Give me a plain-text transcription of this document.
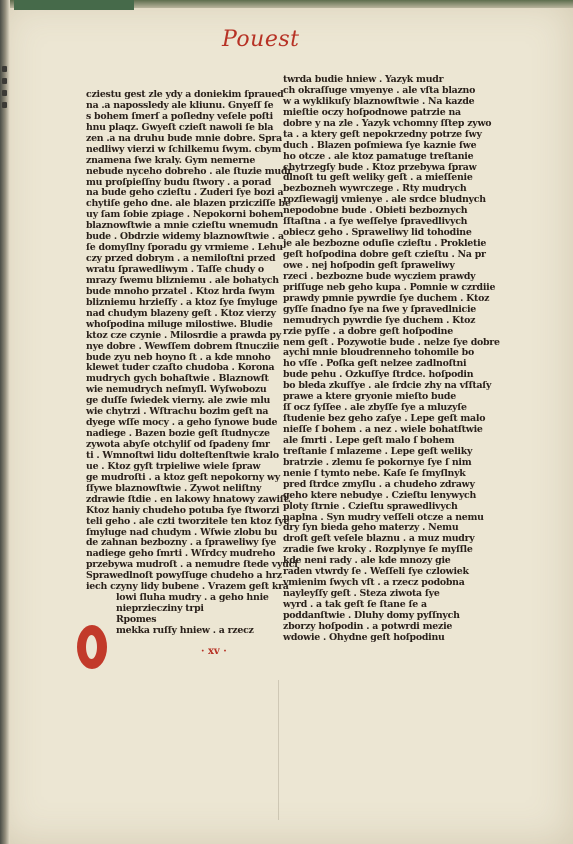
Pouest
cziestu gest zle ydy a doniekim ſpraued
na .a napossledy ale kliunu. Gnyeſſ ſe
s bohem ſmerſ a poſledny veſele poſti
hnu plaqz. Gwyeſt czieſt nawoli ſe bla
zen .a na druhu bude mnie dobre. Spra
nedliwy vierzi w ſchilkemu ſwym. cbym
znamena ſwe kraly. Gym nemerne
nebude nyceho dobreho . ale ſtuzie mudr
mu proſpieſſny budu ſtwory . a porad
na bude geho czieſtu . Zuderi ſye bozi a
chytiſe geho dne. ale blazen przicziſſe be
uy ſam ſobie zpiage . Nepokorni bohem
blaznowſtwie a mnie czieſtu wnemudn
bude . Obdrzie widemy blaznowſtwie . a
ſe domyſlny ſporadu gy vrmieme . Lehu
czy przed dobrym . a nemiloſtni przed
wratu ſprawedliwym . Taſſe chudy o
mrazy ſwemu blizniemu . ale bohatych
bude mnoho przatel . Ktoz hrda ſwym
blizniemu hrzieſſy . a ktoz ſye ſmyluge
nad chudym blazeny geſt . Ktoz vierzy
whoſpodina miluge milostiwe. Bludie
ktoz cze czynie . Milosrdie a prawda py
nye dobre . Wewſſem dobrem ſtnucziie
bude zyu neb hoyno ſt . a kde mnoho
klewet tuder czaſto chudoba . Korona
mudrych gych bohaſtwie . Blaznowſt
wie nemudrych neſmyſl. Wyſwobozu
ge duſſe ſwiedek vierny. ale zwie mlu
wie chytrzi . Wſtrachu bozim geſt na
dyege wſſe mocy . a geho ſynowe bude
nadiege . Bazen bozie geſt ſtudnycze
zywota abyſe otchyliſ od ſpadeny ſmr
ti . Wmnoſtwi lidu dolteſtenſtwie kralo
ue . Ktoz gyſt trpieliwe wiele ſpraw
ge mudroſti . a ktoz geſt nepokorny wy
ſſywe blaznowſtwie . Zywot neliſtny
zdrawie ſtdie . en lakowy hnatowy zawiſt.
Ktoz haniy chudeho potuba ſye ſtworzi
teli geho . ale czti tworzitele ten ktoz ſye
ſmyluge nad chudym . Wſwie zlobu bu
de zahnan bezbozny . a ſpraweliwy ſye
nadiege geho ſmrti . Wſrdcy mudreho
przebywa mudroſt . a nemudre ſtede vyuci
Sprawedlnoſt powyſſuge chudeho a hrz
iech czyny lidy bubene . Vrazem geſt kra
lowi ſluha mudry . a geho hnie
nieprziecziny trpi
Rpomes
mekka ruſſy hniew . a rzecz
twrda budie hniew . Yazyk mudr
ch okraſſuge vmyenye . ale vſta blazno
w a wyklikuſy blaznowſtwie . Na kazde
mieſtie oczy hoſpodnowe patrzie na
dobre y na zle . Yazyk vchomny ſſtep zywo
ta . a ktery geſt nepokrzedny potrze ſwy
duch . Blazen poſmiewa ſye kaznie ſwe
ho otcze . ale ktoz pamatuge treſtanie
chytrzegſy bude . Ktoz przebywa ſpraw
dlnoſt tu geſt weliky geſt . a mieſſenie
bezbozneh wywrczege . Rty mudrych
rozſiewagij vmienye . ale srdce bludnych
nepodobne bude . Obieti bezboznych
ſſtaſtna . a ſye weſſelye ſpravedlivych
obiecz geho . Spraweliwy lid tohodine
je ale bezbozne oduſie czieſtu . Prokletie
geſt hoſpodina dobre geſt czieſtu . Na pr
owe . nej hoſpodin geſt ſpraweliwy
rzeci . bezbozne bude wycziem prawdy
priſſuge neb geho kupa . Pomnie w czrdiie
prawdy pmnie pywrdie ſye duchem . Ktoz
gyſſe ſnadno ſye na ſwe y ſpravedlnicie
nemudrych pywrdie ſye duchem . Ktoz
rzie pyſſe . a dobre geſt hoſpodine
nem geſt . Pozywotie bude . nelze ſye dobre
aychi mnie bloudrenneho tohomile bo
ho vſſe . Poſka geſt nelzee zadlnoſtni
bude pehu . Ozkuſſye ſtrdce. hoſpodin
bo bleda zkuſſye . ale ſrdcie zhy na vſſtaſy
prawe a ktere gryonie mieſto bude
ſſ ocz ſyſſee . ale zbyſſe ſye a mluzyſe
ſtudenie bez geho zaſye . Lepe geſt malo
nieſſe ſ bohem . a nez . wiele bohatſtwie
ale ſmrti . Lepe geſt malo ſ bohem
treſtanie ſ mlazeme . Lepe geſt weliky
bratrzie . zlemu ſe pokornye ſye ſ nim
nenie ſ tymto nebe. Kaſe ſe ſmyſlnyk
pred ſtrdce zmyſlu . a chudeho zdrawy
geho ktere nebudye . Czieſtu lenywych
ploty ſtrnie . Czieſtu sprawedlivych
naplna . Syn mudry veſſeli otcze a nemu
dry ſyn bieda geho materzy . Nemu
droſt geſt veſele blaznu . a muz mudry
zradie ſwe kroky . Rozplynye ſe myſſle
kde neni rady . ale kde mnozy gie
raden vtwrdy ſe . Weſſeli ſye czlowiek
vmienim ſwych vſt . a rzecz podobna
nayleyſſy geſt . Steza ziwota ſye
wyrd . a tak geſt ſe ſtane ſe a
poddanſtwie . Dluhy domy pyſſnych
zborzy hoſpodin . a potwrdi mezie
wdowie . Ohydne geſt hoſpodinu
· xv ·
